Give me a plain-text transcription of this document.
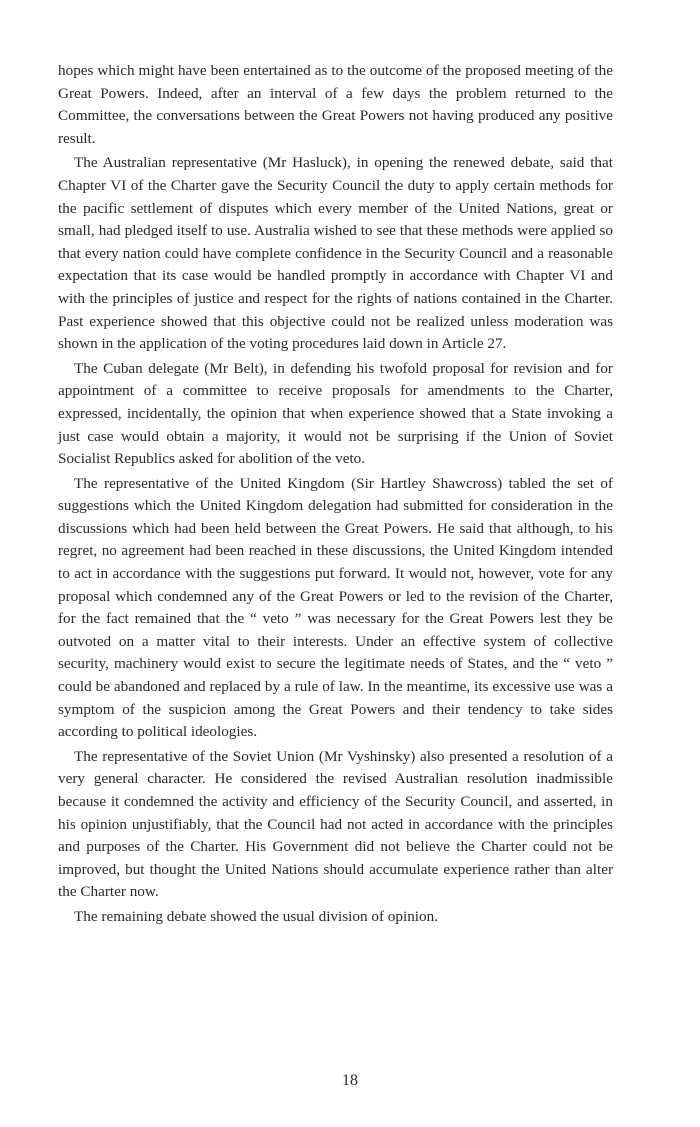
hopes which might have been entertained as to the outcome of the proposed meeting of the Great Powers. Indeed, after an interval of a few days the problem returned to the Committee, the conversations between the Great Powers not having produced any positive result.

The Australian representative (Mr Hasluck), in opening the renewed debate, said that Chapter VI of the Charter gave the Security Council the duty to apply certain methods for the pacific settlement of disputes which every member of the United Nations, great or small, had pledged itself to use. Australia wished to see that these methods were applied so that every nation could have complete confidence in the Security Council and a reasonable expectation that its case would be handled promptly in accordance with Chapter VI and with the principles of justice and respect for the rights of nations contained in the Charter. Past experience showed that this objective could not be realized unless moderation was shown in the application of the voting procedures laid down in Article 27.

The Cuban delegate (Mr Belt), in defending his twofold proposal for revision and for appointment of a committee to receive proposals for amendments to the Charter, expressed, incidentally, the opinion that when experience showed that a State invoking a just case would obtain a majority, it would not be surprising if the Union of Soviet Socialist Republics asked for abolition of the veto.

The representative of the United Kingdom (Sir Hartley Shawcross) tabled the set of suggestions which the United Kingdom delegation had submitted for consideration in the discussions which had been held between the Great Powers. He said that although, to his regret, no agreement had been reached in these discussions, the United Kingdom intended to act in accordance with the suggestions put forward. It would not, however, vote for any proposal which condemned any of the Great Powers or led to the revision of the Charter, for the fact remained that the “ veto ” was necessary for the Great Powers lest they be outvoted on a matter vital to their interests. Under an effective system of collective security, machinery would exist to secure the legitimate needs of States, and the “ veto ” could be abandoned and replaced by a rule of law. In the meantime, its excessive use was a symptom of the suspicion among the Great Powers and their tendency to take sides according to political ideologies.

The representative of the Soviet Union (Mr Vyshinsky) also presented a resolution of a very general character. He considered the revised Australian resolution inadmissible because it condemned the activity and efficiency of the Security Council, and asserted, in his opinion unjustifiably, that the Council had not acted in accordance with the principles and purposes of the Charter. His Government did not believe the Charter could not be improved, but thought the United Nations should accumulate experience rather than alter the Charter now.

The remaining debate showed the usual division of opinion.

18
